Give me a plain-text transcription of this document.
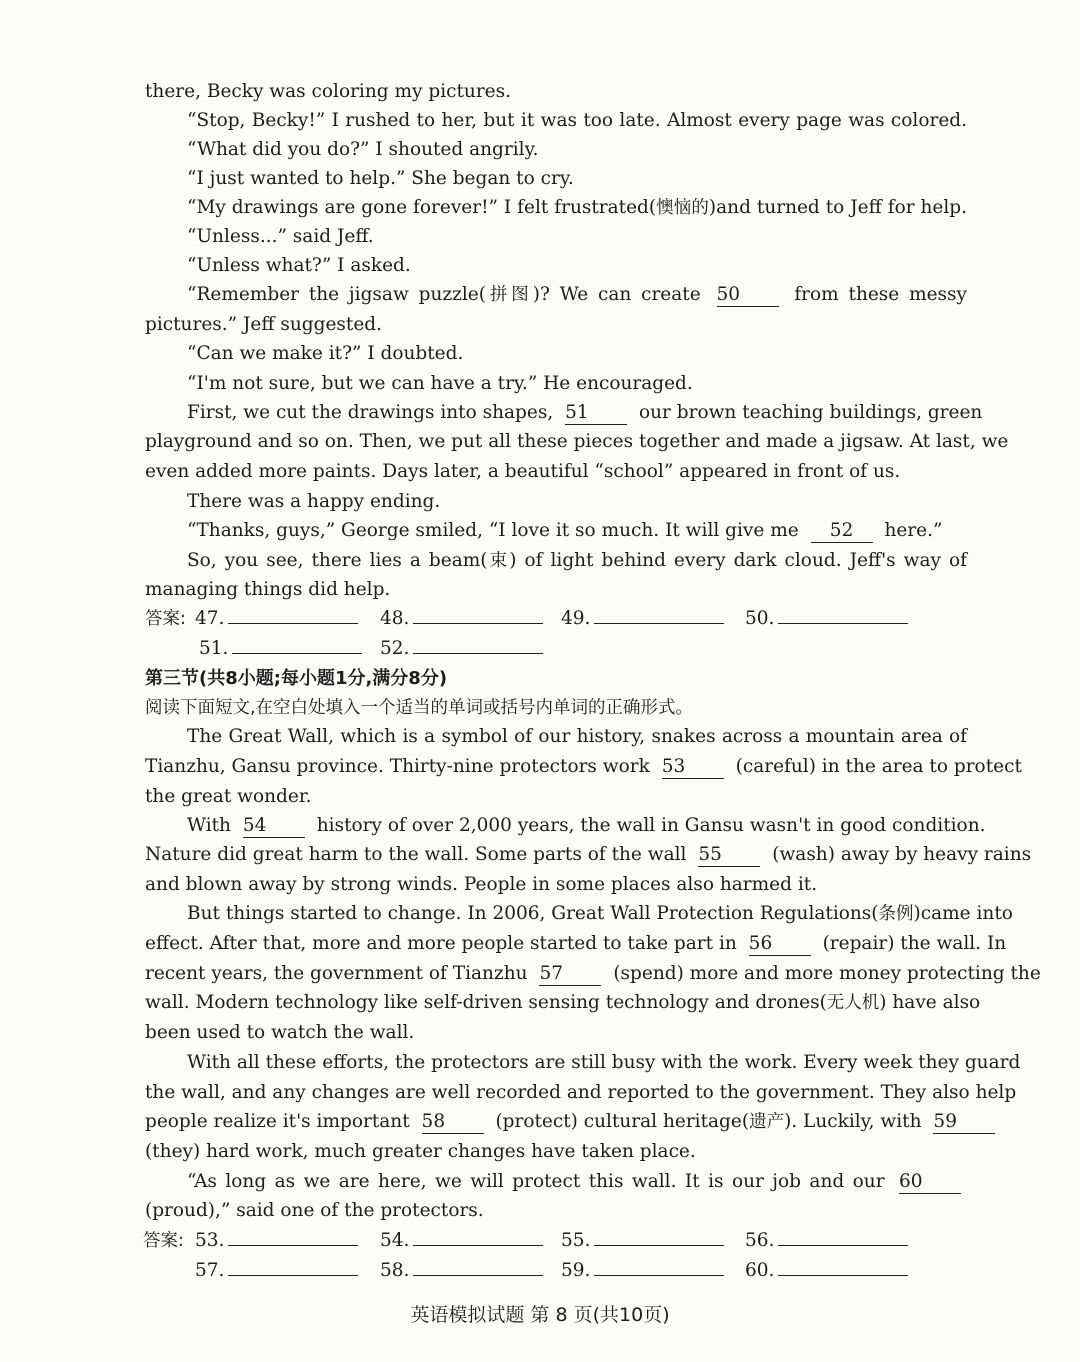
there, Becky was coloring my pictures.
“Stop, Becky!” I rushed to her, but it was too late. Almost every page was colored.
“What did you do?” I shouted angrily.
“I just wanted to help.” She began to cry.
“My drawings are gone forever!” I felt frustrated(懊恼的)and turned to Jeff for help.
“Unless...” said Jeff.
“Unless what?” I asked.
“Remember the jigsaw puzzle(拼图)? We can create 50	from these messy
pictures.” Jeff suggested.
“Can we make it?” I doubted.
“I'm not sure, but we can have a try.” He encouraged.
First, we cut the drawings into shapes, 51	our brown teaching buildings, green
playground and so on. Then, we put all these pieces together and made a jigsaw. At last, we
even added more paints. Days later, a beautiful “school” appeared in front of us.
There was a happy ending.
“Thanks, guys,” George smiled, “I love it so much. It will give me 52 here.”
So, you see, there lies a beam(束) of light behind every dark cloud. Jeff's way of
managing things did help.
答案: 47.	48.	49.	50.
51.	52.
第三节(共8小题;每小题1分,满分8分)
阅读下面短文,在空白处填入一个适当的单词或括号内单词的正确形式。
The Great Wall, which is a symbol of our history, snakes across a mountain area of
Tianzhu, Gansu province. Thirty-nine protectors work 53	(careful) in the area to protect
the great wonder.
With 54	history of over 2,000 years, the wall in Gansu wasn't in good condition.
Nature did great harm to the wall. Some parts of the wall 55	(wash) away by heavy rains
and blown away by strong winds. People in some places also harmed it.
But things started to change. In 2006, Great Wall Protection Regulations(条例)came into
effect. After that, more and more people started to take part in 56	(repair) the wall. In
recent years, the government of Tianzhu 57	(spend) more and more money protecting the
wall. Modern technology like self-driven sensing technology and drones(无人机) have also
been used to watch the wall.
With all these efforts, the protectors are still busy with the work. Every week they guard
the wall, and any changes are well recorded and reported to the government. They also help
people realize it's important 58	(protect) cultural heritage(遗产). Luckily, with 59
(they) hard work, much greater changes have taken place.
“As long as we are here, we will protect this wall. It is our job and our 60
(proud),” said one of the protectors.
答案: 53.	54.	55.	56.
57.	58.	59.	60.
英语模拟试题 第 8 页(共10页)
